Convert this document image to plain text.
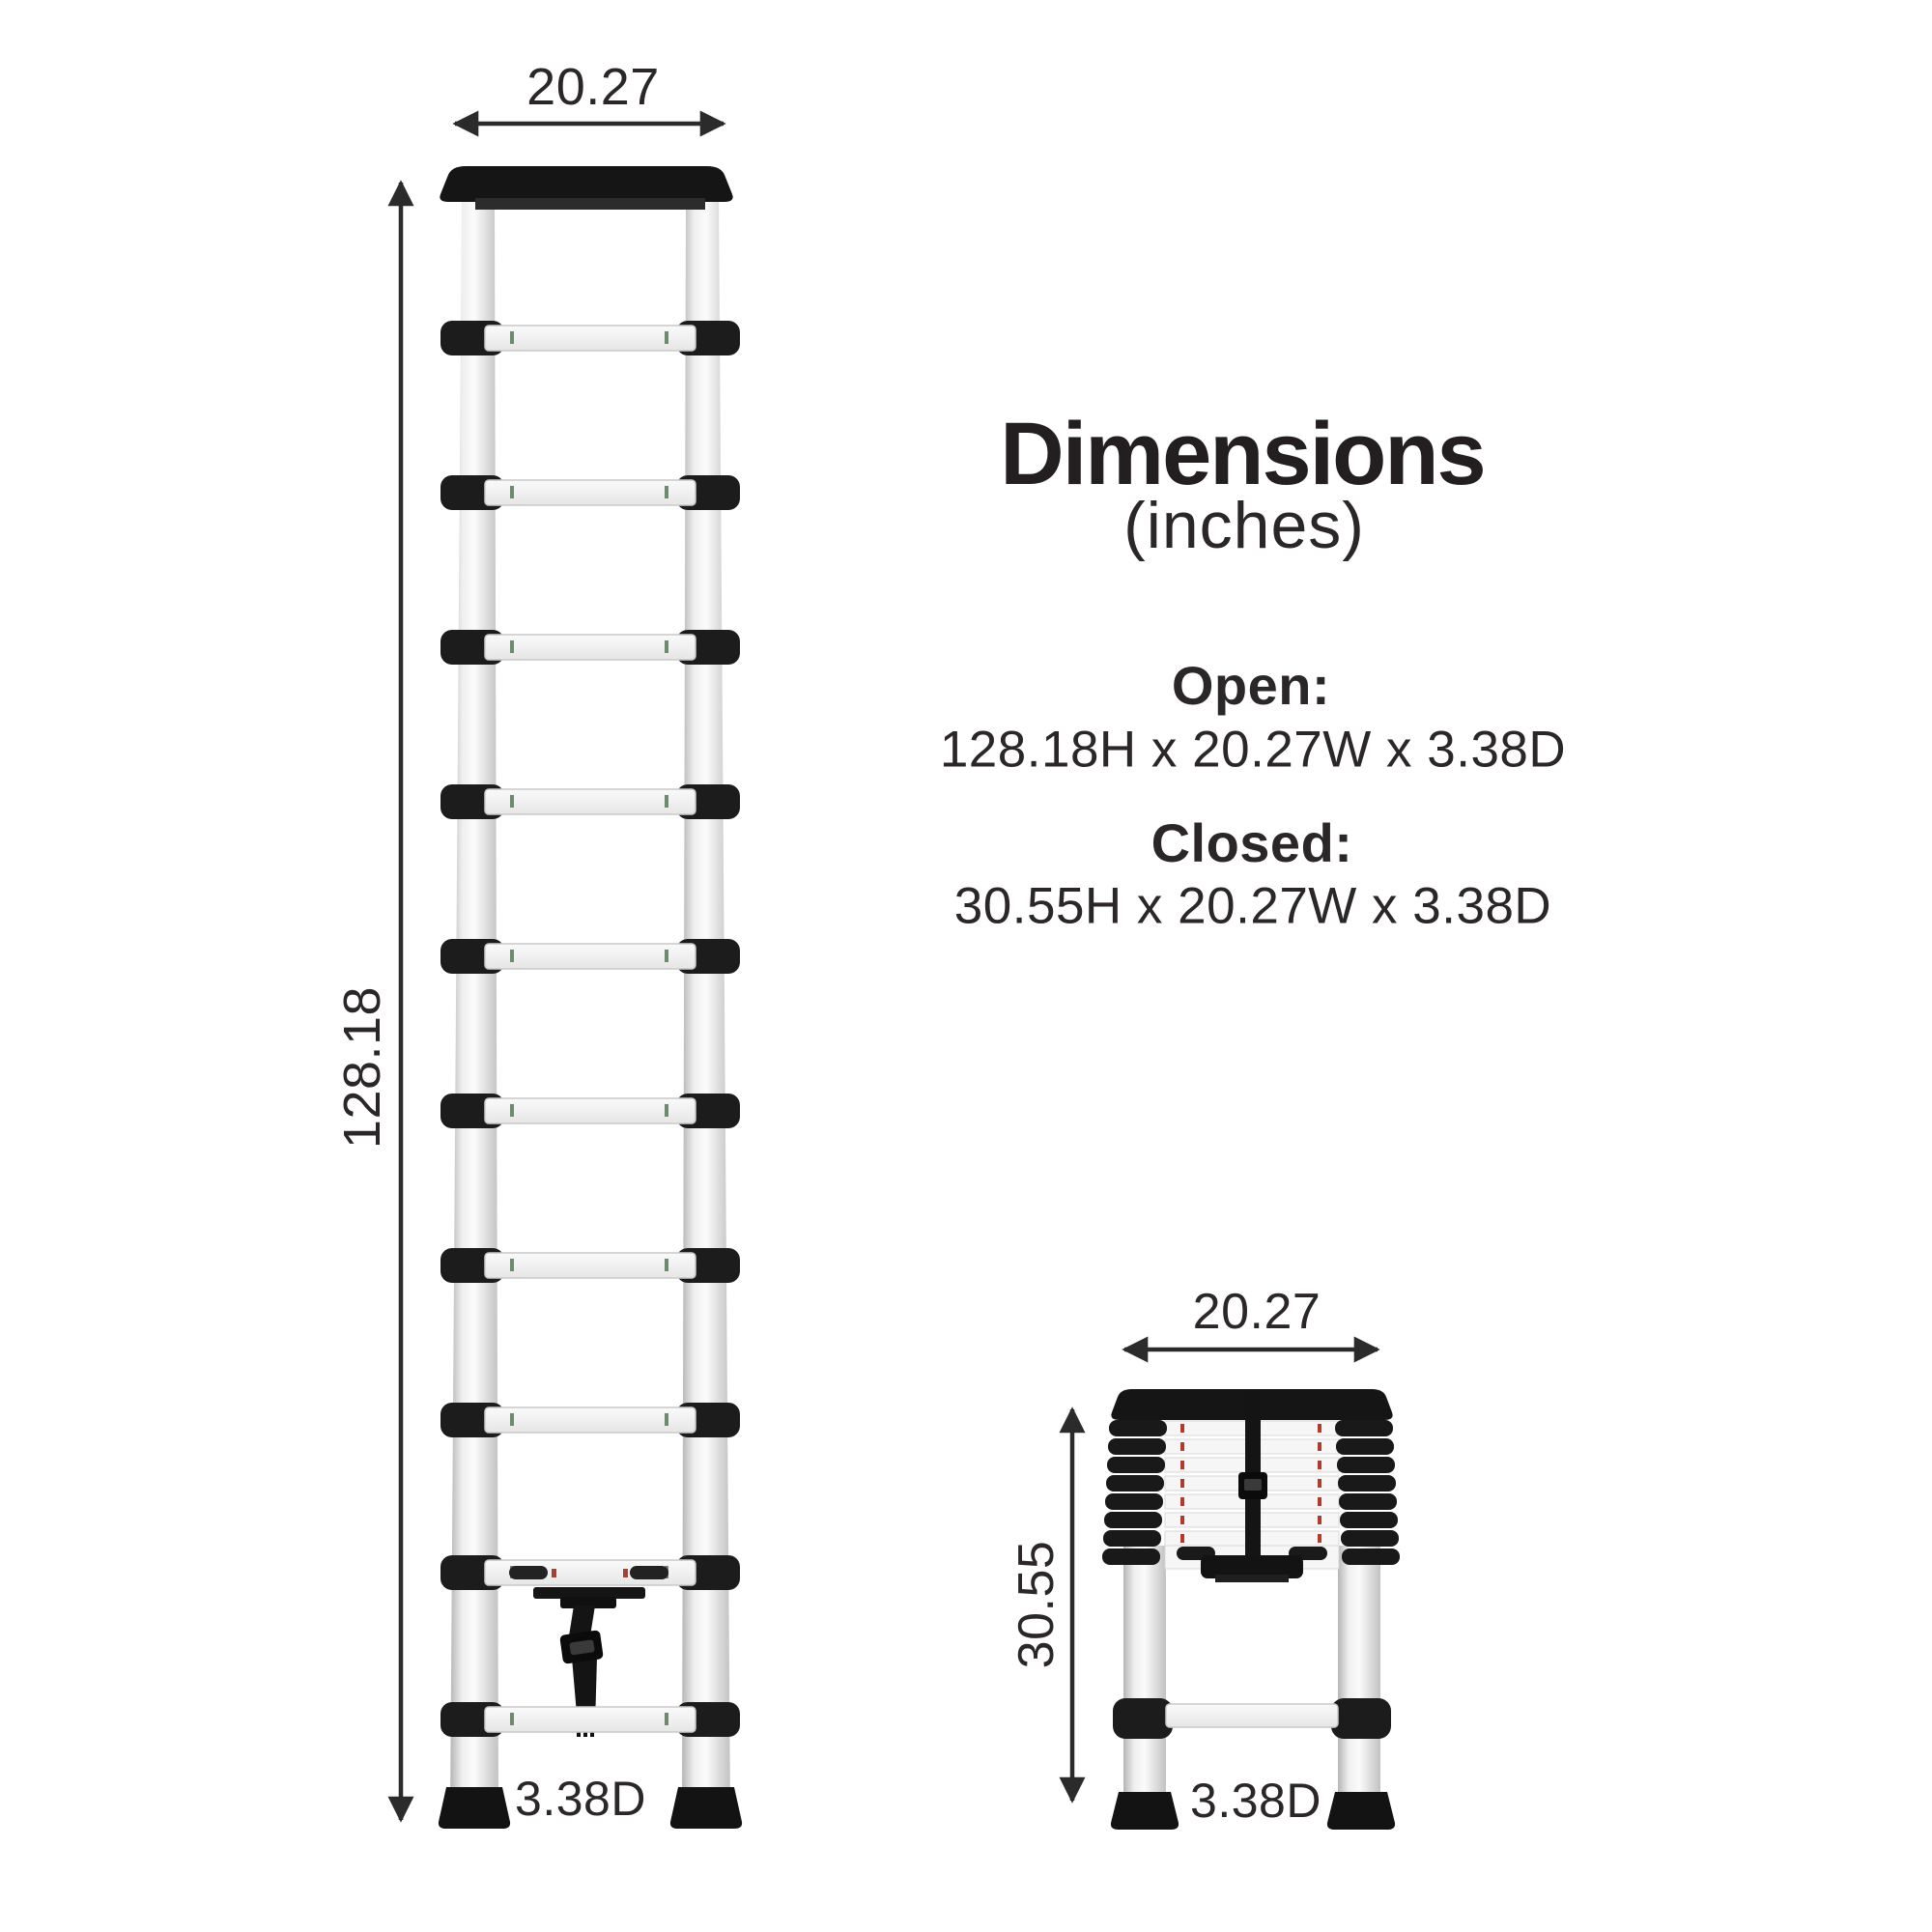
20.27
128.18
3.38D
20.27
30.55
3.38D
Dimensions
(inches)
Open:
128.18H x 20.27W x 3.38D
Closed:
30.55H x 20.27W x 3.38D
